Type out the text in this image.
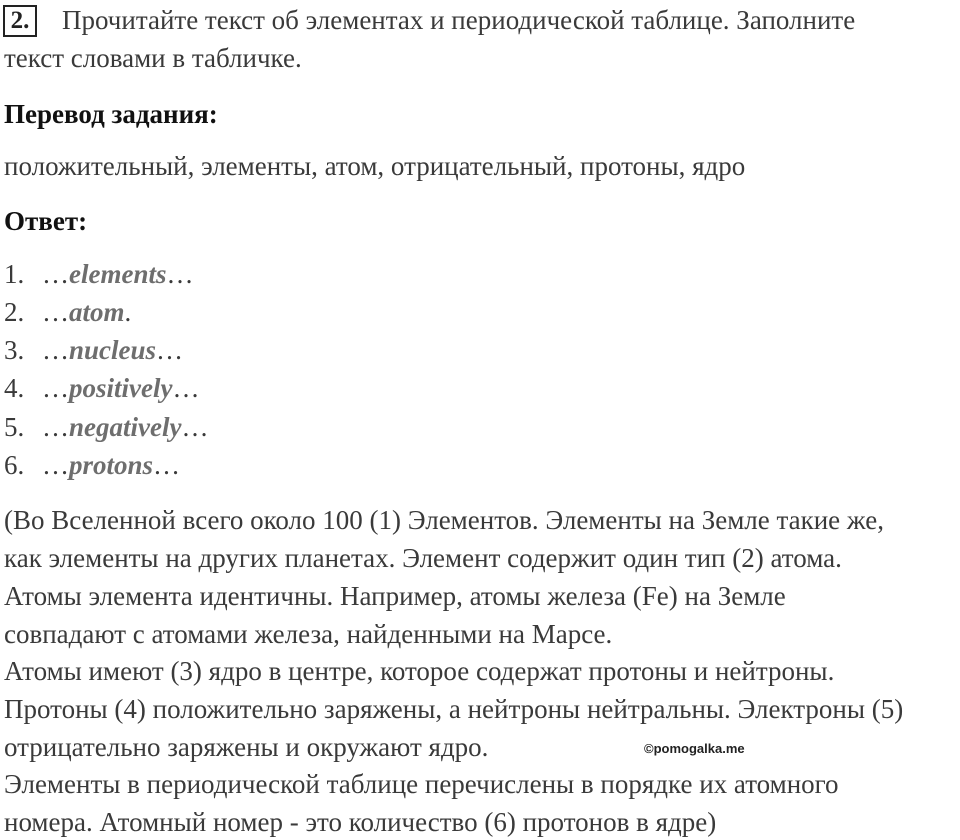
2. Прочитайте текст об элементах и периодической таблице. Заполните
текст словами в табличке.
Перевод задания:
положительный, элементы, атом, отрицательный, протоны, ядро
Ответ:
1. …elements…
2. …atom.
3. …nucleus…
4. …positively…
5. …negatively…
6. …protons…
(Во Вселенной всего около 100 (1) Элементов. Элементы на Земле такие же,
как элементы на других планетах. Элемент содержит один тип (2) атома.
Атомы элемента идентичны. Например, атомы железа (Fe) на Земле
совпадают с атомами железа, найденными на Марсе.
Атомы имеют (3) ядро в центре, которое содержат протоны и нейтроны.
Протоны (4) положительно заряжены, а нейтроны нейтральны. Электроны (5)
отрицательно заряжены и окружают ядро.
Элементы в периодической таблице перечислены в порядке их атомного
номера. Атомный номер - это количество (6) протонов в ядре)
©pomogalka.me
